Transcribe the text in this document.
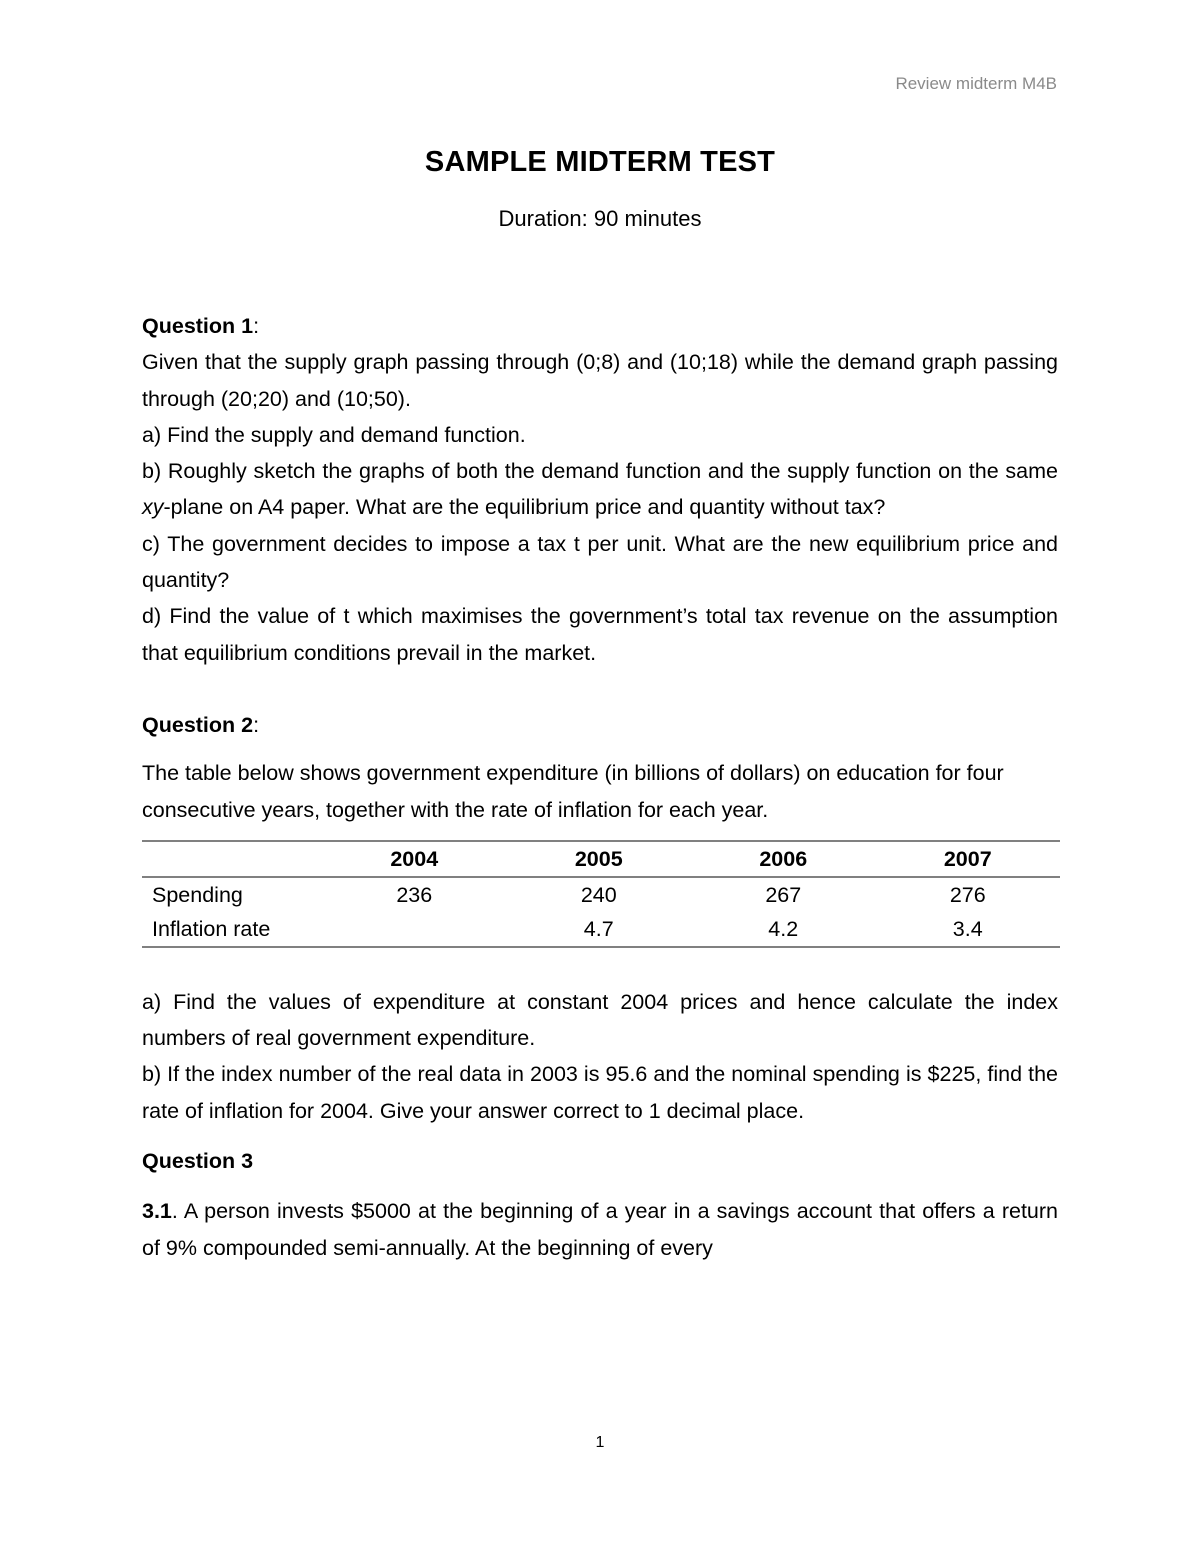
Review midterm M4B
SAMPLE MIDTERM TEST
Duration: 90 minutes

Question 1:

Given that the supply graph passing through (0;8) and (10;18) while the demand graph passing through (20;20) and (10;50).

a) Find the supply and demand function.

b) Roughly sketch the graphs of both the demand function and the supply function on the same xy-plane on A4 paper. What are the equilibrium price and quantity without tax?

c) The government decides to impose a tax t per unit. What are the new equilibrium price and quantity?

d) Find the value of t which maximises the government’s total tax revenue on the assumption that equilibrium conditions prevail in the market.

Question 2:

The table below shows government expenditure (in billions of dollars) on education for four consecutive years, together with the rate of inflation for each year.

	2004	2005	2006	2007
Spending	236	240	267	276
Inflation rate		4.7	4.2	3.4

a) Find the values of expenditure at constant 2004 prices and hence calculate the index numbers of real government expenditure.

b) If the index number of the real data in 2003 is 95.6 and the nominal spending is $225, find the rate of inflation for 2004. Give your answer correct to 1 decimal place.

Question 3

3.1. A person invests $5000 at the beginning of a year in a savings account that offers a return of 9% compounded semi-annually. At the beginning of every

1
